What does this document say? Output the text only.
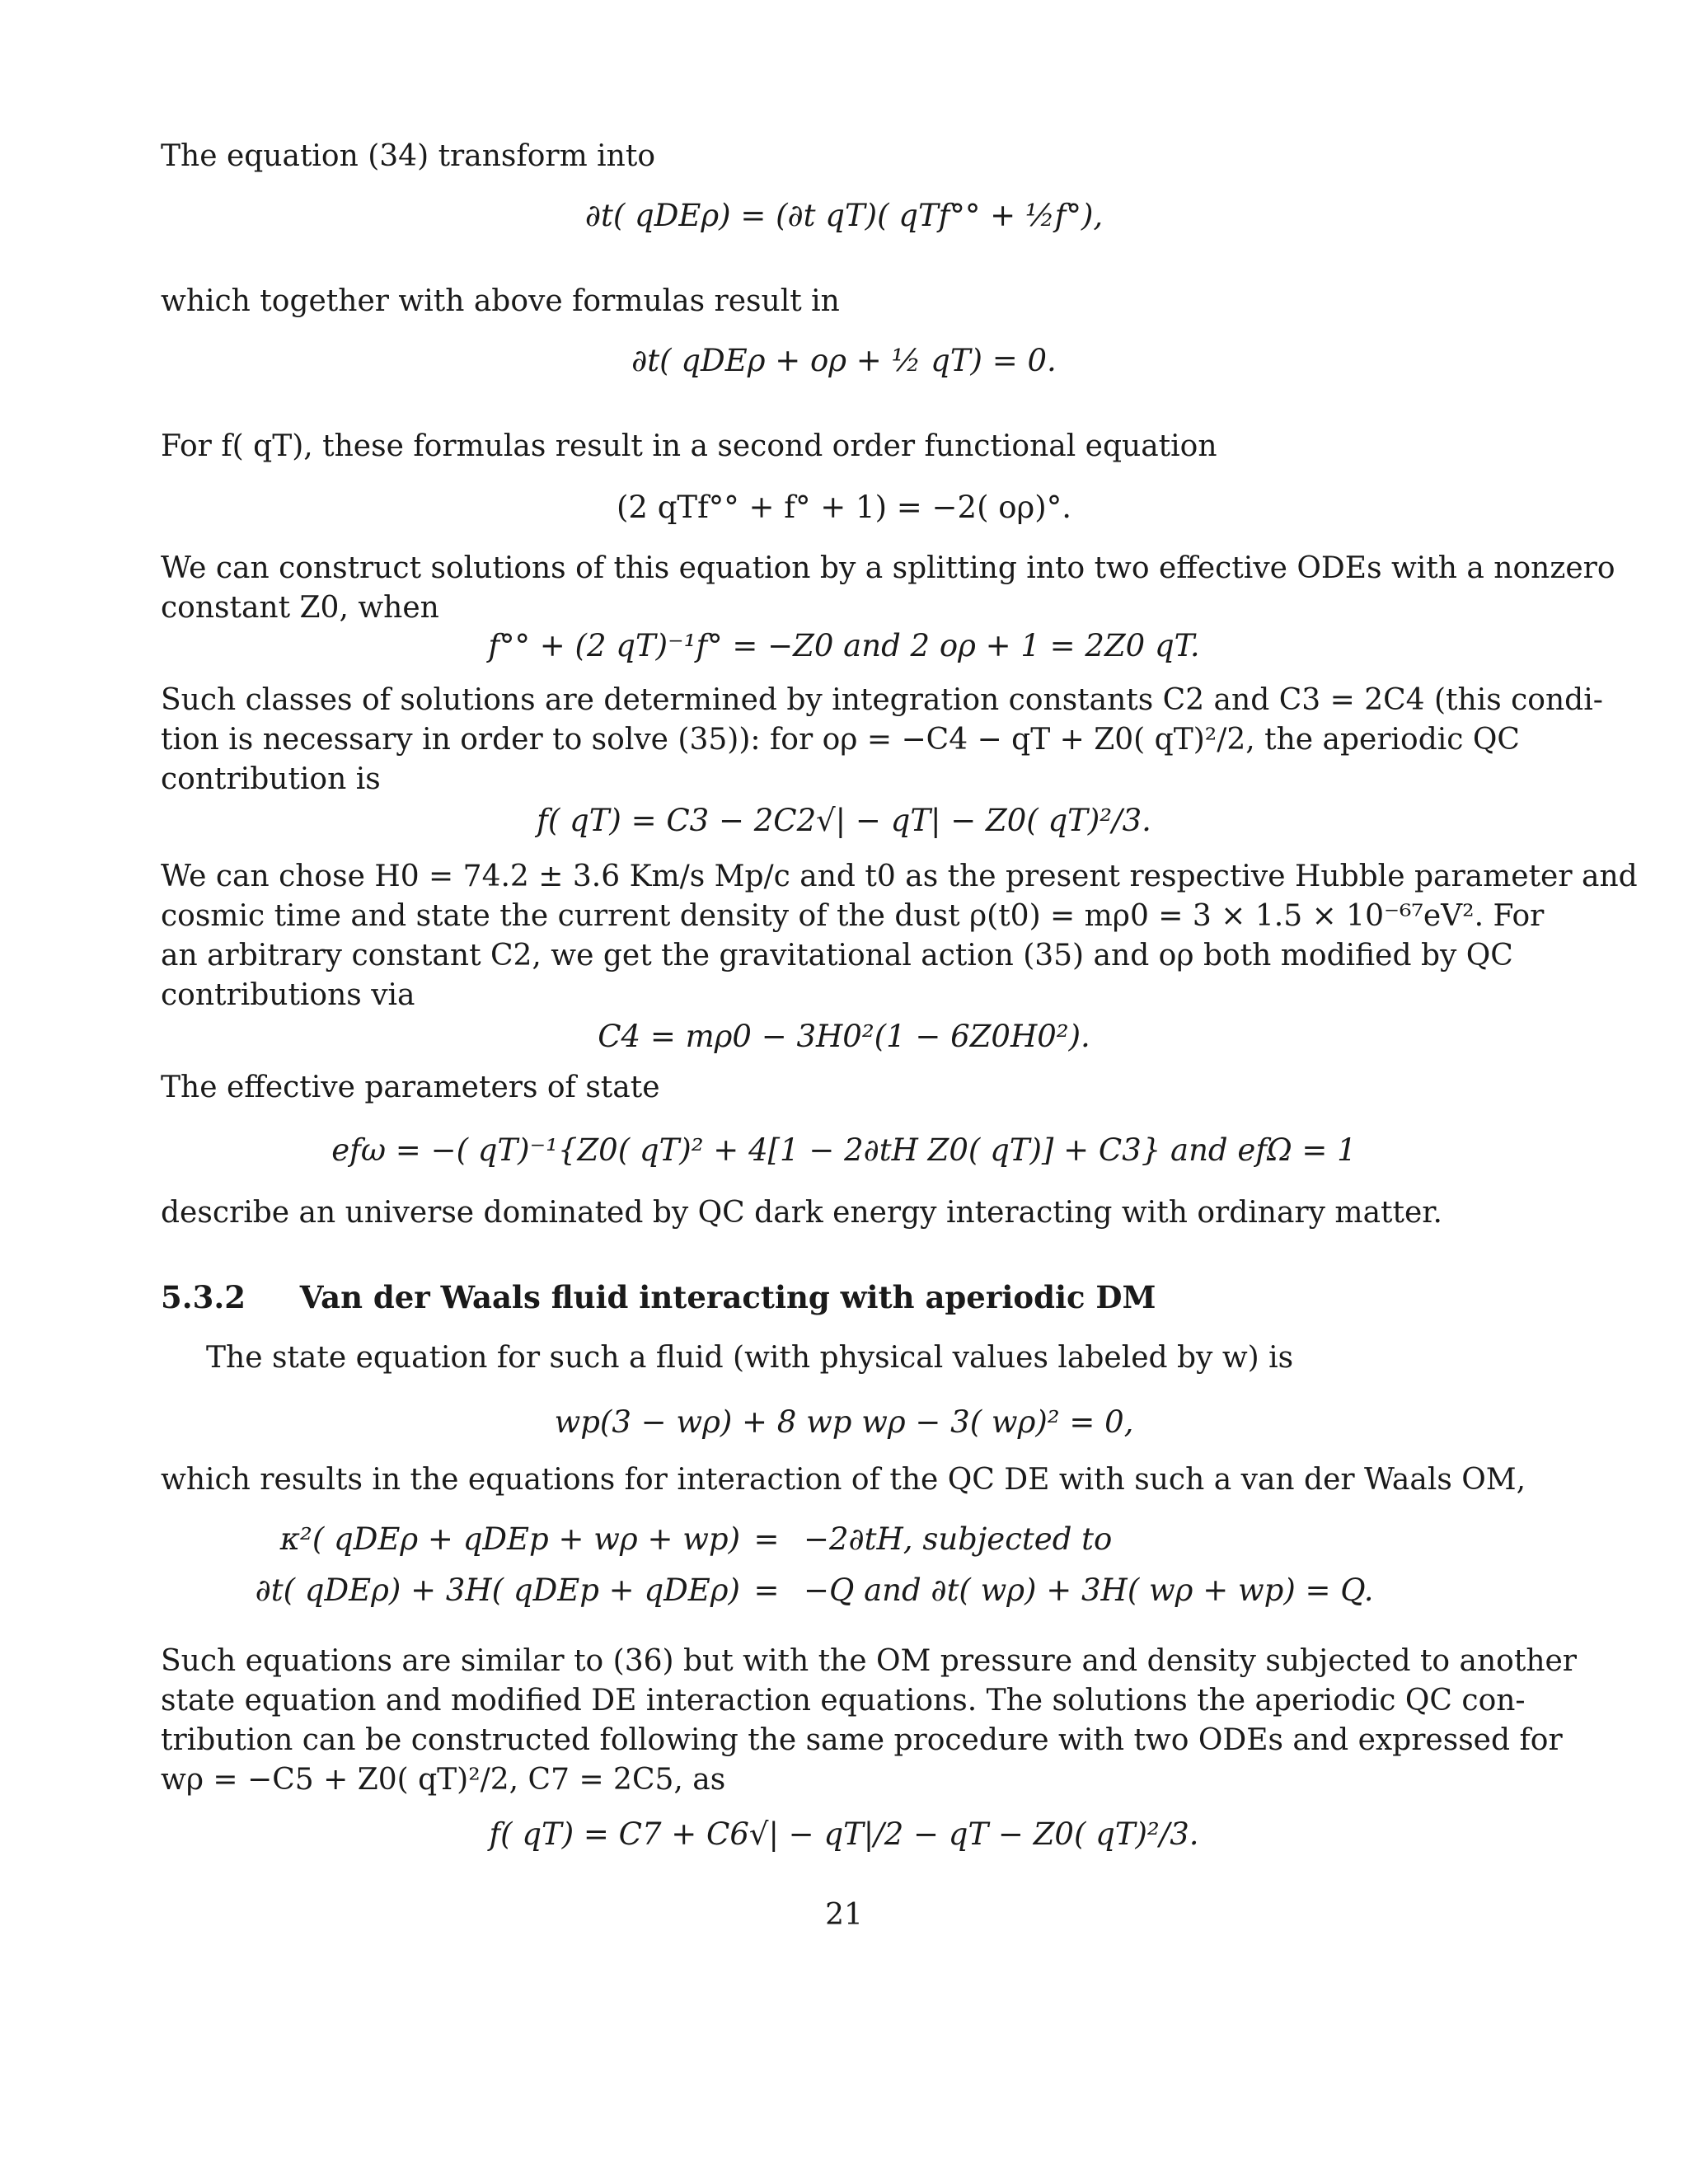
The equation (34) transform into
∂t( qDEρ) = (∂t qT)( qTf°° + ½f°),
which together with above formulas result in
∂t( qDEρ + oρ + ½ qT) = 0.
For f( qT), these formulas result in a second order functional equation
(2 qTf°° + f° + 1) = −2( oρ)°.
We can construct solutions of this equation by a splitting into two effective ODEs with a nonzero
constant Z0, when
f°° + (2 qT)⁻¹f° = −Z0 and 2 oρ + 1 = 2Z0 qT.
Such classes of solutions are determined by integration constants C2 and C3 = 2C4 (this condi-
tion is necessary in order to solve (35)): for oρ = −C4 − qT + Z0( qT)²/2, the aperiodic QC
contribution is
f( qT) = C3 − 2C2√| − qT| − Z0( qT)²/3.
We can chose H0 = 74.2 ± 3.6 Km/s Mp/c and t0 as the present respective Hubble parameter and
cosmic time and state the current density of the dust ρ(t0) = mρ0 = 3 × 1.5 × 10⁻⁶⁷eV². For
an arbitrary constant C2, we get the gravitational action (35) and oρ both modified by QC
contributions via
C4 = mρ0 − 3H0²(1 − 6Z0H0²).
The effective parameters of state
efω = −( qT)⁻¹{Z0( qT)² + 4[1 − 2∂tH Z0( qT)] + C3} and efΩ = 1
describe an universe dominated by QC dark energy interacting with ordinary matter.
5.3.2 Van der Waals fluid interacting with aperiodic DM
The state equation for such a fluid (with physical values labeled by w) is
wp(3 − wρ) + 8 wp wρ − 3( wρ)² = 0,
which results in the equations for interaction of the QC DE with such a van der Waals OM,
κ²( qDEρ + qDEp + wρ + wp) = −2∂tH, subjected to
∂t( qDEρ) + 3H( qDEp + qDEρ) = −Q and ∂t( wρ) + 3H( wρ + wp) = Q.
Such equations are similar to (36) but with the OM pressure and density subjected to another
state equation and modified DE interaction equations. The solutions the aperiodic QC con-
tribution can be constructed following the same procedure with two ODEs and expressed for
wρ = −C5 + Z0( qT)²/2, C7 = 2C5, as
f( qT) = C7 + C6√| − qT|/2 − qT − Z0( qT)²/3.
21
